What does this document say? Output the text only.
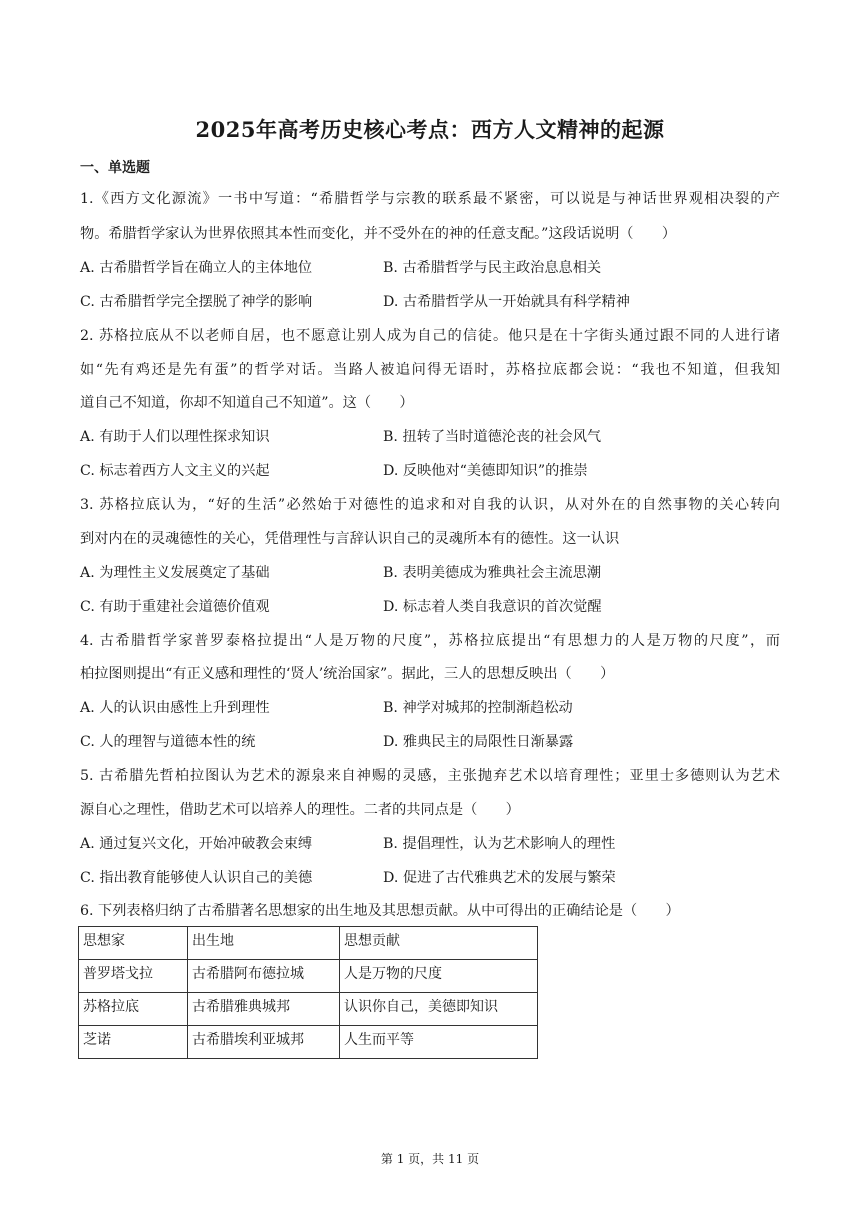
2025年高考历史核心考点：西方人文精神的起源
一、单选题
1.《西方文化源流》一书中写道：“希腊哲学与宗教的联系最不紧密，可以说是与神话世界观相决裂的产
物。希腊哲学家认为世界依照其本性而变化，并不受外在的神的任意支配。”这段话说明（　　）
A. 古希腊哲学旨在确立人的主体地位	B. 古希腊哲学与民主政治息息相关
C. 古希腊哲学完全摆脱了神学的影响	D. 古希腊哲学从一开始就具有科学精神
2. 苏格拉底从不以老师自居，也不愿意让别人成为自己的信徒。他只是在十字街头通过跟不同的人进行诸
如“先有鸡还是先有蛋”的哲学对话。当路人被追问得无语时，苏格拉底都会说：“我也不知道，但我知
道自己不知道，你却不知道自己不知道”。这（　　）
A. 有助于人们以理性探求知识	B. 扭转了当时道德沦丧的社会风气
C. 标志着西方人文主义的兴起	D. 反映他对“美德即知识”的推崇
3. 苏格拉底认为，“好的生活”必然始于对德性的追求和对自我的认识，从对外在的自然事物的关心转向
到对内在的灵魂德性的关心，凭借理性与言辞认识自己的灵魂所本有的德性。这一认识
A. 为理性主义发展奠定了基础	B. 表明美德成为雅典社会主流思潮
C. 有助于重建社会道德价值观	D. 标志着人类自我意识的首次觉醒
4. 古希腊哲学家普罗泰格拉提出“人是万物的尺度”，苏格拉底提出“有思想力的人是万物的尺度”，而
柏拉图则提出“有正义感和理性的‘贤人’统治国家”。据此，三人的思想反映出（　　）
A. 人的认识由感性上升到理性	B. 神学对城邦的控制渐趋松动
C. 人的理智与道德本性的统	D. 雅典民主的局限性日渐暴露
5. 古希腊先哲柏拉图认为艺术的源泉来自神赐的灵感，主张抛弃艺术以培育理性；亚里士多德则认为艺术
源自心之理性，借助艺术可以培养人的理性。二者的共同点是（　　）
A. 通过复兴文化，开始冲破教会束缚	B. 提倡理性，认为艺术影响人的理性
C. 指出教育能够使人认识自己的美德	D. 促进了古代雅典艺术的发展与繁荣
6. 下列表格归纳了古希腊著名思想家的出生地及其思想贡献。从中可得出的正确结论是（　　）
思想家	出生地	思想贡献
普罗塔戈拉	古希腊阿布德拉城	人是万物的尺度
苏格拉底	古希腊雅典城邦	认识你自己，美德即知识
芝诺	古希腊埃利亚城邦	人生而平等
第 1 页，共 11 页
